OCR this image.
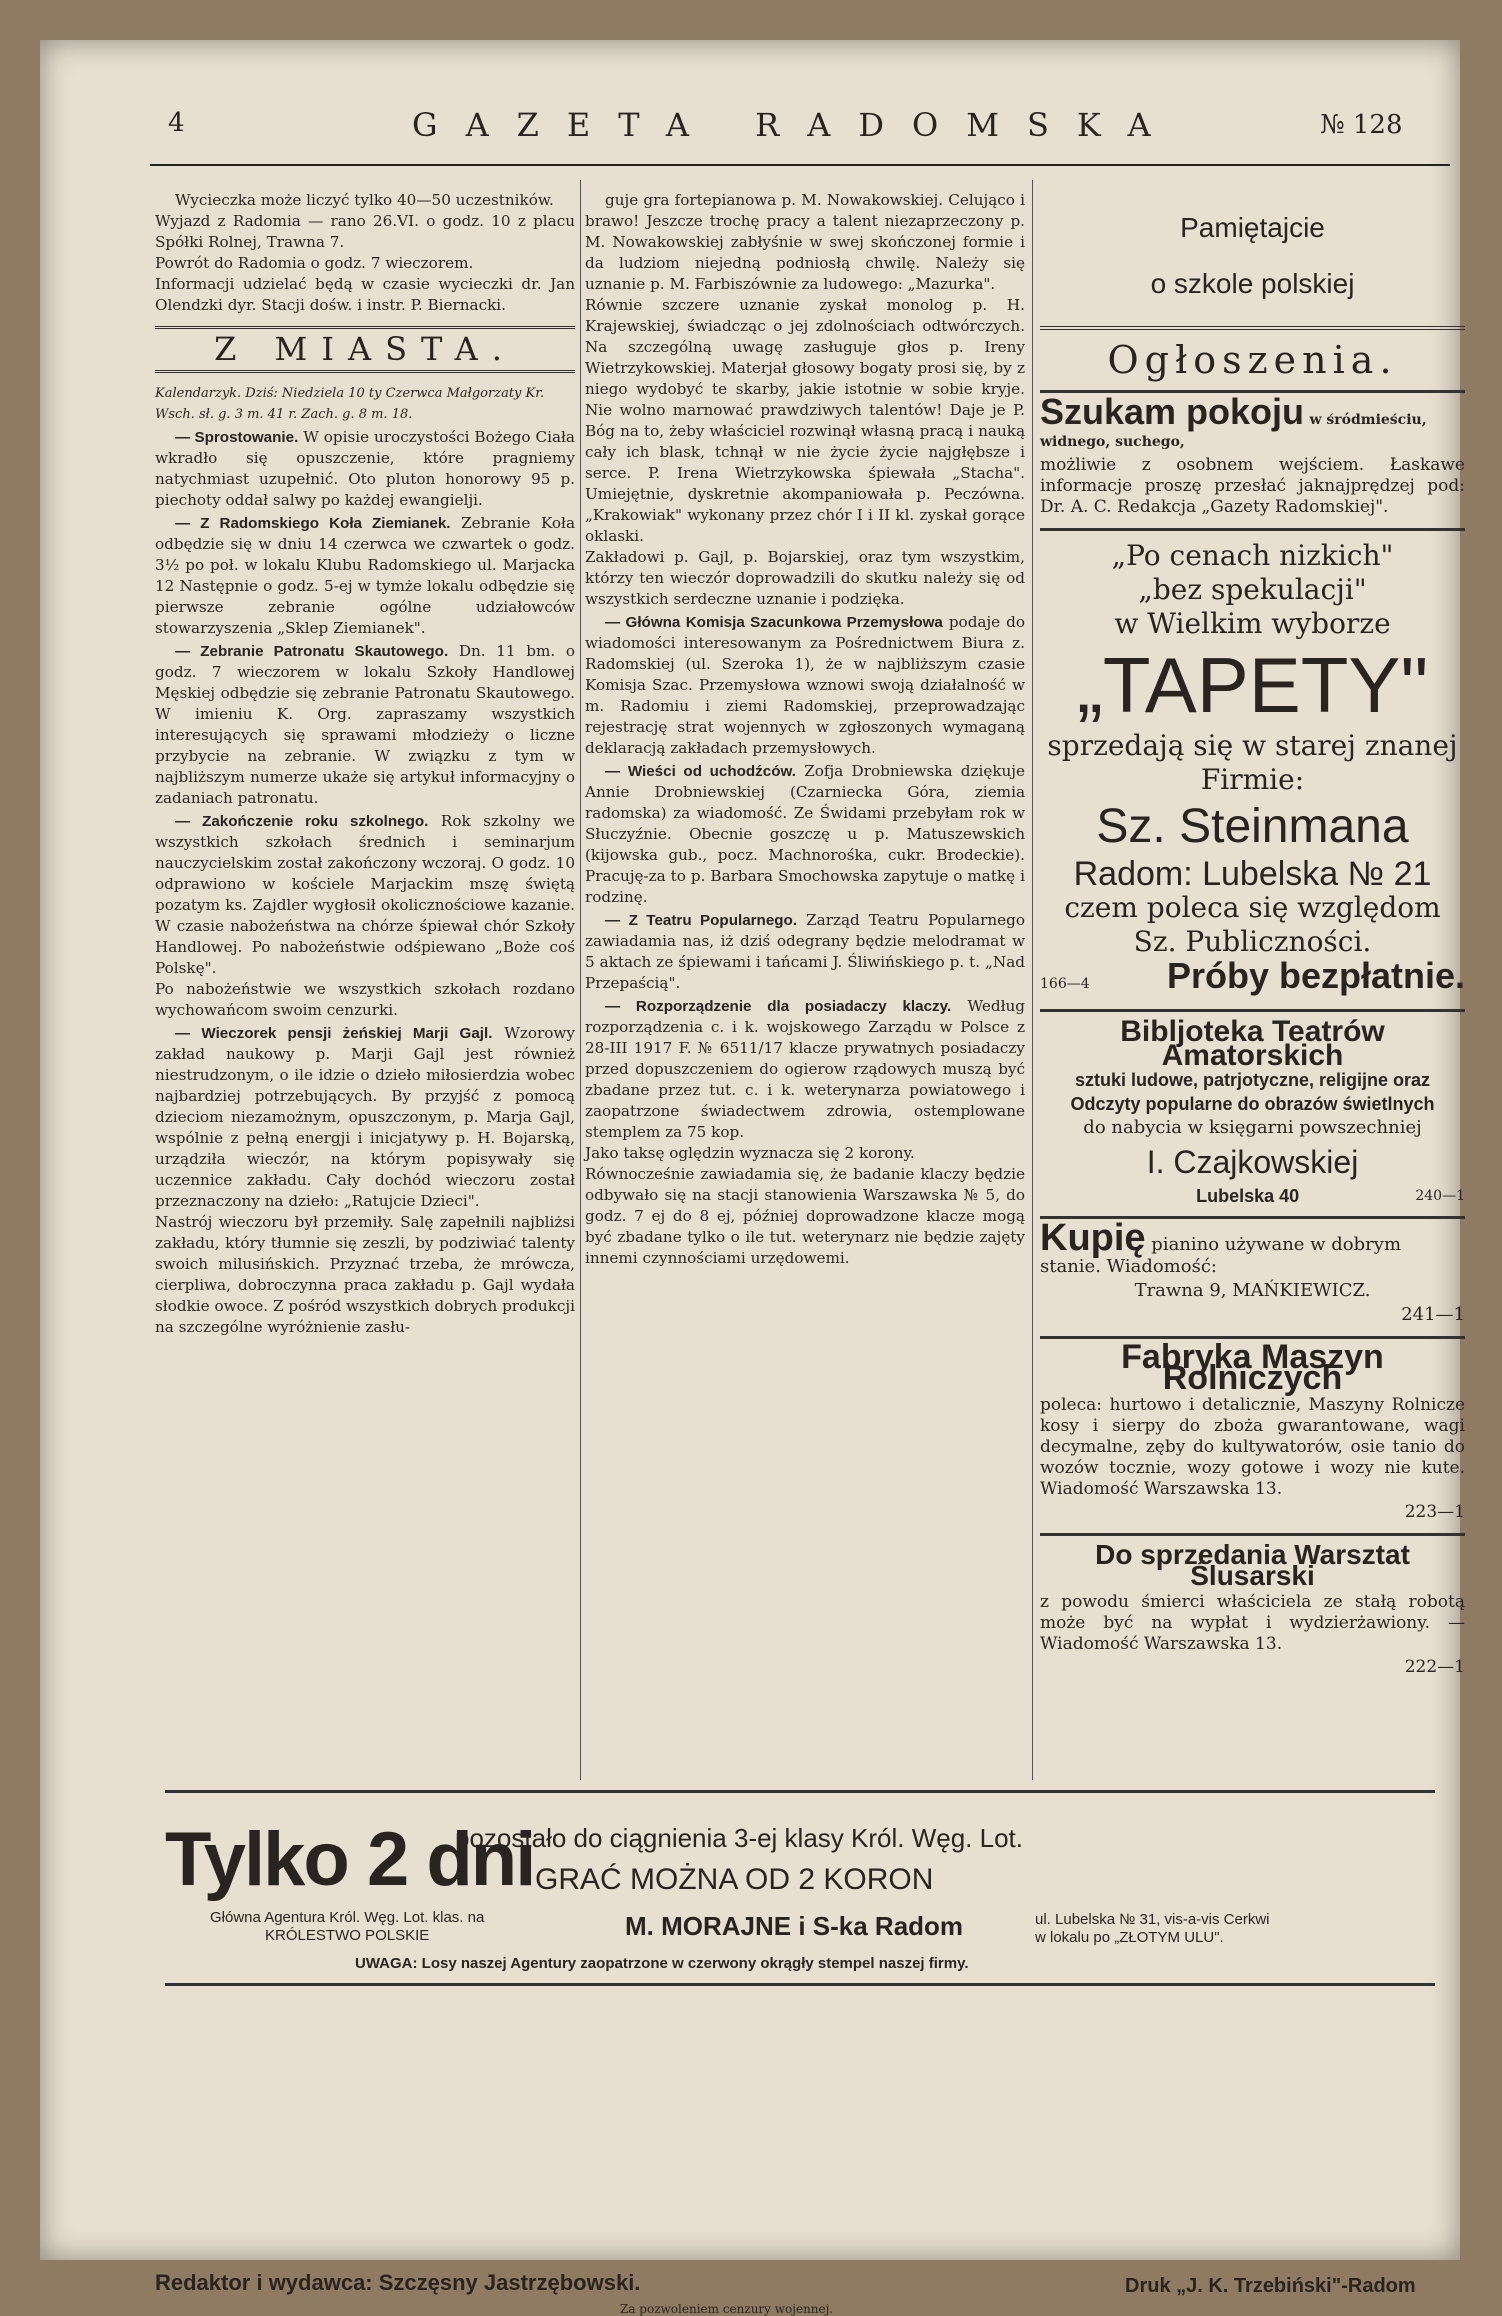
4	GAZETA RADOMSKA	№ 128

Wycieczka może liczyć tylko 40—50 uczestników.
Wyjazd z Radomia — rano 26.VI. o godz. 10 z placu Spółki Rolnej, Trawna 7.
Powrót do Radomia o godz. 7 wieczorem.
Informacji udzielać będą w czasie wycieczki dr. Jan Olendzki dyr. Stacji dośw. i instr. P. Biernacki.

Z MIASTA.

Kalendarzyk. Dziś: Niedziela 10 ty Czerwca Małgorzaty Kr.
Wsch. sł. g. 3 m. 41 r. Zach. g. 8 m. 18.

— Sprostowanie. W opisie uroczystości Bożego Ciała wkradło się opuszczenie, które pragniemy natychmiast uzupełnić. Oto pluton honorowy 95 p. piechoty oddał salwy po każdej ewangielji.

— Z Radomskiego Koła Ziemianek. Zebranie Koła odbędzie się w dniu 14 czerwca we czwartek o godz. 3½ po poł. w lokalu Klubu Radomskiego ul. Marjacka 12 Następnie o godz. 5-ej w tymże lokalu odbędzie się pierwsze zebranie ogólne udziałowców stowarzyszenia „Sklep Ziemianek".

— Zebranie Patronatu Skautowego. Dn. 11 bm. o godz. 7 wieczorem w lokalu Szkoły Handlowej Męskiej odbędzie się zebranie Patronatu Skautowego. W imieniu K. Org. zapraszamy wszystkich interesujących się sprawami młodzieży o liczne przybycie na zebranie. W związku z tym w najbliższym numerze ukaże się artykuł informacyjny o zadaniach patronatu.

— Zakończenie roku szkolnego. Rok szkolny we wszystkich szkołach średnich i seminarjum nauczycielskim został zakończony wczoraj. O godz. 10 odprawiono w kościele Marjackim mszę świętą pozatym ks. Zajdler wygłosił okolicznościowe kazanie. W czasie nabożeństwa na chórze śpiewał chór Szkoły Handlowej. Po nabożeństwie odśpiewano „Boże coś Polskę".
Po nabożeństwie we wszystkich szkołach rozdano wychowańcom swoim cenzurki.

— Wieczorek pensji żeńskiej Marji Gajl. Wzorowy zakład naukowy p. Marji Gajl jest również niestrudzonym, o ile idzie o dzieło miłosierdzia wobec najbardziej potrzebujących. By przyjść z pomocą dzieciom niezamożnym, opuszczonym, p. Marja Gajl, wspólnie z pełną energji i inicjatywy p. H. Bojarską, urządziła wieczór, na którym popisywały się uczennice zakładu. Cały dochód wieczoru został przeznaczony na dzieło: „Ratujcie Dzieci".
Nastrój wieczoru był przemiły. Salę zapełnili najbliżsi zakładu, który tłumnie się zeszli, by podziwiać talenty swoich milusińskich. Przyznać trzeba, że mrówcza, cierpliwa, dobroczynna praca zakładu p. Gajl wydała słodkie owoce. Z pośród wszystkich dobrych produkcji na szczególne wyróżnienie zasłu-

guje gra fortepianowa p. M. Nowakowskiej. Celująco i brawo! Jeszcze trochę pracy a talent niezaprzeczony p. M. Nowakowskiej zabłyśnie w swej skończonej formie i da ludziom niejedną podniosłą chwilę. Należy się uznanie p. M. Farbiszównie za ludowego: „Mazurka".
Równie szczere uznanie zyskał monolog p. H. Krajewskiej, świadcząc o jej zdolnościach odtwórczych. Na szczególną uwagę zasługuje głos p. Ireny Wietrzykowskiej. Materjał głosowy bogaty prosi się, by z niego wydobyć te skarby, jakie istotnie w sobie kryje. Nie wolno marnować prawdziwych talentów! Daje je P. Bóg na to, żeby właściciel rozwinął własną pracą i nauką cały ich blask, tchnął w nie życie życie najgłębsze i serce. P. Irena Wietrzykowska śpiewała „Stacha". Umiejętnie, dyskretnie akompaniowała p. Peczówna. „Krakowiak" wykonany przez chór I i II kl. zyskał gorące oklaski.
Zakładowi p. Gajl, p. Bojarskiej, oraz tym wszystkim, którzy ten wieczór doprowadzili do skutku należy się od wszystkich serdeczne uznanie i podzięka.

— Główna Komisja Szacunkowa Przemysłowa podaje do wiadomości interesowanym za Pośrednictwem Biura z. Radomskiej (ul. Szeroka 1), że w najbliższym czasie Komisja Szac. Przemysłowa wznowi swoją działalność w m. Radomiu i ziemi Radomskiej, przeprowadzając rejestrację strat wojennych w zgłoszonych wymaganą deklaracją zakładach przemysłowych.

— Wieści od uchodźców. Zofja Drobniewska dziękuje Annie Drobniewskiej (Czarniecka Góra, ziemia radomska) za wiadomość. Ze Świdami przebyłam rok w Słuczyźnie. Obecnie goszczę u p. Matuszewskich (kijowska gub., pocz. Machnorośka, cukr. Brodeckie). Pracuję-za to p. Barbara Smochowska zapytuje o matkę i rodzinę.

— Z Teatru Popularnego. Zarząd Teatru Popularnego zawiadamia nas, iż dziś odegrany będzie melodramat w 5 aktach ze śpiewami i tańcami J. Śliwińskiego p. t. „Nad Przepaścią".

— Rozporządzenie dla posiadaczy klaczy. Według rozporządzenia c. i k. wojskowego Zarządu w Polsce z 28-III 1917 F. № 6511/17 klacze prywatnych posiadaczy przed dopuszczeniem do ogierow rządowych muszą być zbadane przez tut. c. i k. weterynarza powiatowego i zaopatrzone świadectwem zdrowia, ostemplowane stemplem za 75 kop.
Jako taksę oględzin wyznacza się 2 korony.
Równocześnie zawiadamia się, że badanie klaczy będzie odbywało się na stacji stanowienia Warszawska № 5, do godz. 7 ej do 8 ej, później doprowadzone klacze mogą być zbadane tylko o ile tut. weterynarz nie będzie zajęty innemi czynnościami urzędowemi.

Pamiętajcie
o szkole polskiej
Ogłoszenia.

Szukam pokoju w śródmieściu, widnego, suchego,

możliwie z osobnem wejściem. Łaskawe informacje proszę przesłać jaknajprędzej pod: Dr. A. C. Redakcja „Gazety Radomskiej".

„Po cenach nizkich"
„bez spekulacji"
w Wielkim wyborze
„TAPETY"
sprzedają się w starej znanej Firmie:
Sz. Steinmana
Radom: Lubelska № 21
czem poleca się względom Sz. Publiczności.
166—4 Próby bezpłatnie.
Bibljoteka Teatrów Amatorskich
sztuki ludowe, patrjotyczne, religijne oraz Odczyty popularne do obrazów świetlnych
do nabycia w księgarni powszechniej
I. Czajkowskiej
Lubelska 40	240—1

Kupię pianino używane w dobrym stanie. Wiadomość:

Trawna 9, MAŃKIEWICZ.

241—1

Fabryka Maszyn Rolniczych

poleca: hurtowo i detalicznie, Maszyny Rolnicze kosy i sierpy do zboża gwarantowane, wagi decymalne, zęby do kultywatorów, osie tanio do wozów tocznie, wozy gotowe i wozy nie kute. Wiadomość Warszawska 13.

223—1

Do sprzedania Warsztat Ślusarski

z powodu śmierci właściciela ze stałą robotą może być na wypłat i wydzierżawiony. — Wiadomość Warszawska 13.

222—1

Tylko 2 dni
pozostało do ciągnienia 3-ej klasy Król. Węg. Lot.
GRAĆ MOŻNA OD 2 KORON
Główna Agentura Król. Węg. Lot. klas. na
KRÓLESTWO POLSKIE	M. MORAJNE i S-ka Radom	ul. Lubelska № 31, vis-a-vis Cerkwi
w lokalu po „ZŁOTYM ULU".
UWAGA: Losy naszej Agentury zaopatrzone w czerwony okrągły stempel naszej firmy.
Redaktor i wydawca: Szczęsny Jastrzębowski.	Druk „J. K. Trzebiński"-Radom
Za pozwoleniem cenzury wojennej.
